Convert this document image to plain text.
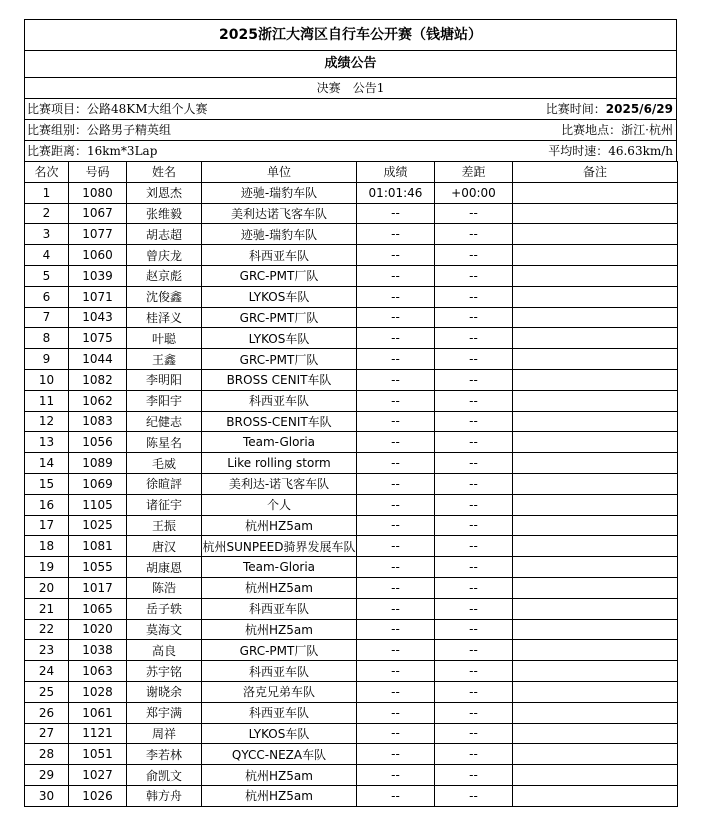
2025浙江大湾区自行车公开赛（钱塘站）
成绩公告
决赛 公告1
比赛项目：公路48KM大组个人赛	比赛时间：2025/6/29
比赛组别：公路男子精英组	比赛地点：浙江·杭州
比赛距离：16km*3Lap	平均时速：46.63km/h
名次	号码	姓名	单位	成绩	差距	备注
1	1080	刘恩杰	迹驰-瑞豹车队	01:01:46	+00:00	
2	1067	张维毅	美利达诺飞客车队	--	--	
3	1077	胡志超	迹驰-瑞豹车队	--	--	
4	1060	曾庆龙	科西亚车队	--	--	
5	1039	赵京彪	GRC-PMT厂队	--	--	
6	1071	沈俊鑫	LYKOS车队	--	--	
7	1043	桂泽义	GRC-PMT厂队	--	--	
8	1075	叶聪	LYKOS车队	--	--	
9	1044	王鑫	GRC-PMT厂队	--	--	
10	1082	李明阳	BROSS CENIT车队	--	--	
11	1062	李阳宇	科西亚车队	--	--	
12	1083	纪健志	BROSS-CENIT车队	--	--	
13	1056	陈星名	Team-Gloria	--	--	
14	1089	毛威	Like rolling storm	--	--	
15	1069	徐暄評	美利达-诺飞客车队	--	--	
16	1105	诸征宇	个人	--	--	
17	1025	王振	杭州HZ5am	--	--	
18	1081	唐汉	杭州SUNPEED骑界发展车队	--	--	
19	1055	胡康恩	Team-Gloria	--	--	
20	1017	陈浩	杭州HZ5am	--	--	
21	1065	岳子轶	科西亚车队	--	--	
22	1020	莫海文	杭州HZ5am	--	--	
23	1038	高良	GRC-PMT厂队	--	--	
24	1063	苏宇铭	科西亚车队	--	--	
25	1028	谢晓余	洛克兄弟车队	--	--	
26	1061	郑宇满	科西亚车队	--	--	
27	1121	周祥	LYKOS车队	--	--	
28	1051	李若林	QYCC-NEZA车队	--	--	
29	1027	俞凯文	杭州HZ5am	--	--	
30	1026	韩方舟	杭州HZ5am	--	--	
